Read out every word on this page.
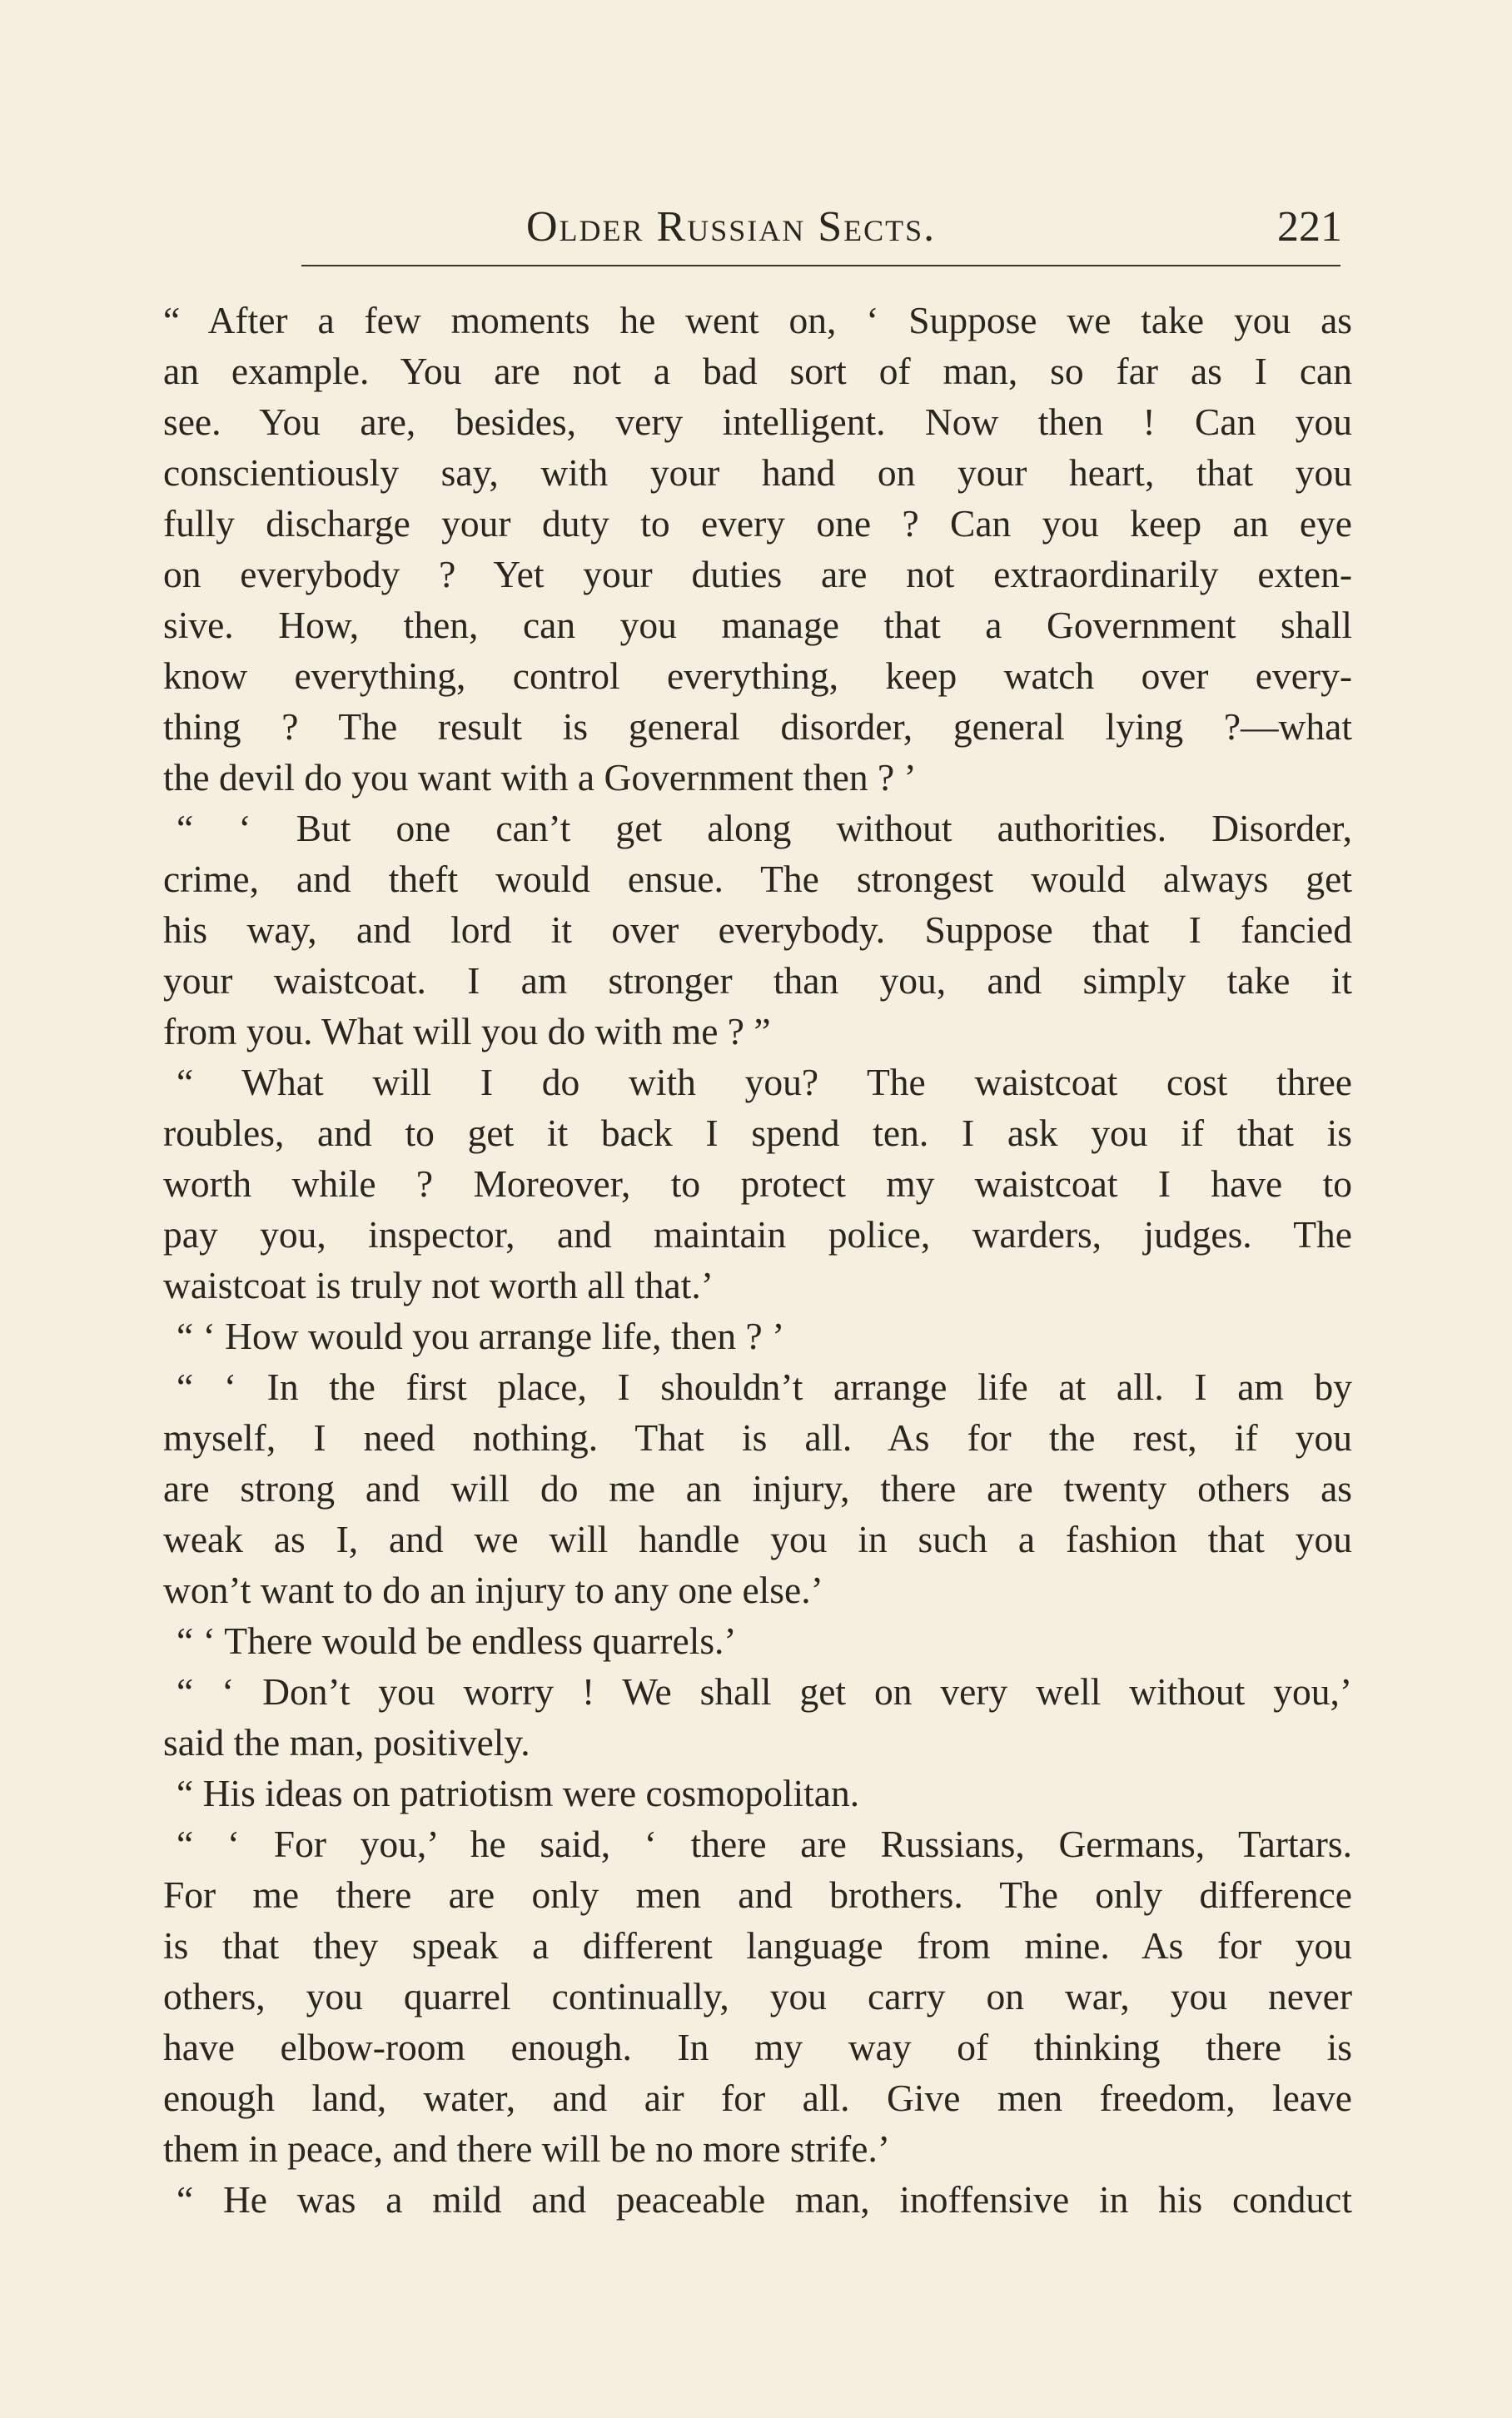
Older Russian Sects.	221
“ After a few moments he went on, ‘ Suppose we take you as
an example. You are not a bad sort of man, so far as I can
see. You are, besides, very intelligent. Now then ! Can you
conscientiously say, with your hand on your heart, that you
fully discharge your duty to every one ? Can you keep an eye
on everybody ? Yet your duties are not extraordinarily exten-
sive. How, then, can you manage that a Government shall
know everything, control everything, keep watch over every-
thing ? The result is general disorder, general lying ?—what
the devil do you want with a Government then ? ’
“ ‘ But one can’t get along without authorities. Disorder,
crime, and theft would ensue. The strongest would always get
his way, and lord it over everybody. Suppose that I fancied
your waistcoat. I am stronger than you, and simply take it
from you. What will you do with me ? ”
“ What will I do with you? The waistcoat cost three
roubles, and to get it back I spend ten. I ask you if that is
worth while ? Moreover, to protect my waistcoat I have to
pay you, inspector, and maintain police, warders, judges. The
waistcoat is truly not worth all that.’
“ ‘ How would you arrange life, then ? ’
“ ‘ In the first place, I shouldn’t arrange life at all. I am by
myself, I need nothing. That is all. As for the rest, if you
are strong and will do me an injury, there are twenty others as
weak as I, and we will handle you in such a fashion that you
won’t want to do an injury to any one else.’
“ ‘ There would be endless quarrels.’
“ ‘ Don’t you worry ! We shall get on very well without you,’
said the man, positively.
“ His ideas on patriotism were cosmopolitan.
“ ‘ For you,’ he said, ‘ there are Russians, Germans, Tartars.
For me there are only men and brothers. The only difference
is that they speak a different language from mine. As for you
others, you quarrel continually, you carry on war, you never
have elbow-room enough. In my way of thinking there is
enough land, water, and air for all. Give men freedom, leave
them in peace, and there will be no more strife.’
“ He was a mild and peaceable man, inoffensive in his conduct
